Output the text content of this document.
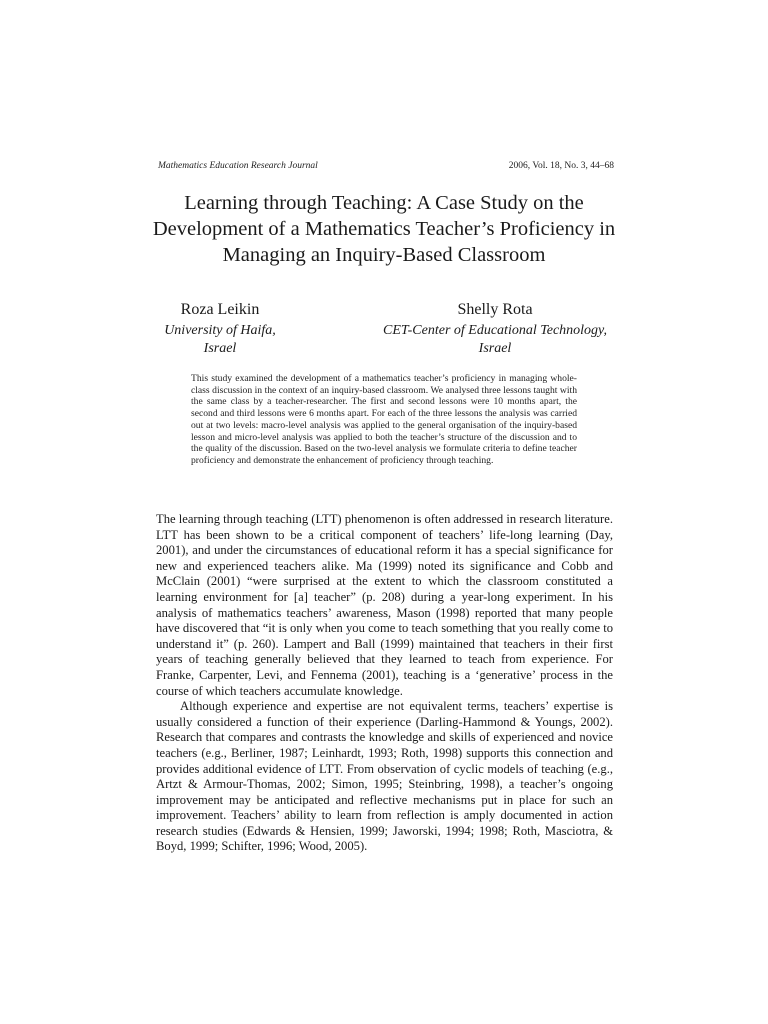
Mathematics Education Research Journal	2006, Vol. 18, No. 3, 44–68
Learning through Teaching: A Case Study on the Development of a Mathematics Teacher’s Proficiency in Managing an Inquiry-Based Classroom
Roza Leikin
University of Haifa,
Israel
Shelly Rota
CET-Center of Educational Technology,
Israel
This study examined the development of a mathematics teacher’s proficiency in managing whole-class discussion in the context of an inquiry-based classroom. We analysed three lessons taught with the same class by a teacher-researcher. The first and second lessons were 10 months apart, the second and third lessons were 6 months apart. For each of the three lessons the analysis was carried out at two levels: macro-level analysis was applied to the general organisation of the inquiry-based lesson and micro-level analysis was applied to both the teacher’s structure of the discussion and to the quality of the discussion. Based on the two-level analysis we formulate criteria to define teacher proficiency and demonstrate the enhancement of proficiency through teaching.

The learning through teaching (LTT) phenomenon is often addressed in research literature. LTT has been shown to be a critical component of teachers’ life-long learning (Day, 2001), and under the circumstances of educational reform it has a special significance for new and experienced teachers alike. Ma (1999) noted its significance and Cobb and McClain (2001) “were surprised at the extent to which the classroom constituted a learning environment for [a] teacher” (p. 208) during a year-long experiment. In his analysis of mathematics teachers’ awareness, Mason (1998) reported that many people have discovered that “it is only when you come to teach something that you really come to understand it” (p. 260). Lampert and Ball (1999) maintained that teachers in their first years of teaching generally believed that they learned to teach from experience. For Franke, Carpenter, Levi, and Fennema (2001), teaching is a ‘generative’ process in the course of which teachers accumulate knowledge.

Although experience and expertise are not equivalent terms, teachers’ expertise is usually considered a function of their experience (Darling-Hammond & Youngs, 2002). Research that compares and contrasts the knowledge and skills of experienced and novice teachers (e.g., Berliner, 1987; Leinhardt, 1993; Roth, 1998) supports this connection and provides additional evidence of LTT. From observation of cyclic models of teaching (e.g., Artzt & Armour-Thomas, 2002; Simon, 1995; Steinbring, 1998), a teacher’s ongoing improvement may be anticipated and reflective mechanisms put in place for such an improvement. Teachers’ ability to learn from reflection is amply documented in action research studies (Edwards & Hensien, 1999; Jaworski, 1994; 1998; Roth, Masciotra, & Boyd, 1999; Schifter, 1996; Wood, 2005).
